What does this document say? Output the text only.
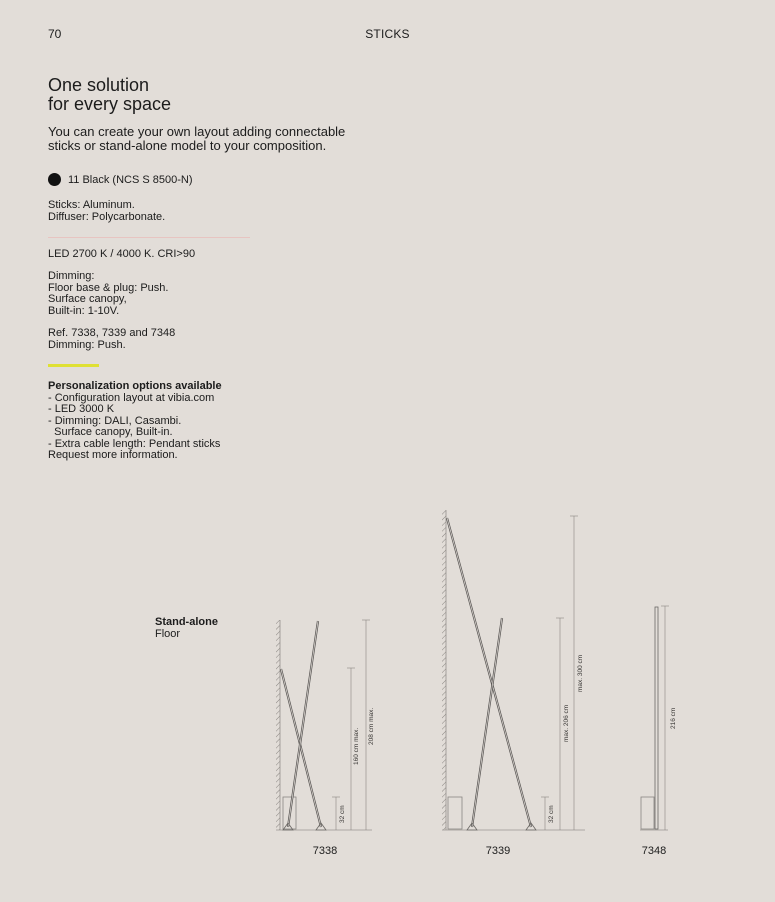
70	STICKS
One solution
for every space
You can create your own layout adding connectable
sticks or stand-alone model to your composition.
11 Black (NCS S 8500-N)
Sticks: Aluminum.
Diffuser: Polycarbonate.
LED 2700 K / 4000 K. CRI>90
Dimming:
Floor base & plug: Push.
Surface canopy,
Built-in: 1-10V.
Ref. 7338, 7339 and 7348
Dimming: Push.
Personalization options available
- Configuration layout at vibia.com
- LED 3000 K
- Dimming: DALI, Casambi.
Surface canopy, Built-in.
- Extra cable length: Pendant sticks
Request more information.
Stand-alone
Floor
160 cm max.
208 cm max.
32 cm
7338
max. 206 cm
max. 300 cm
32 cm
7339
216 cm
7348
